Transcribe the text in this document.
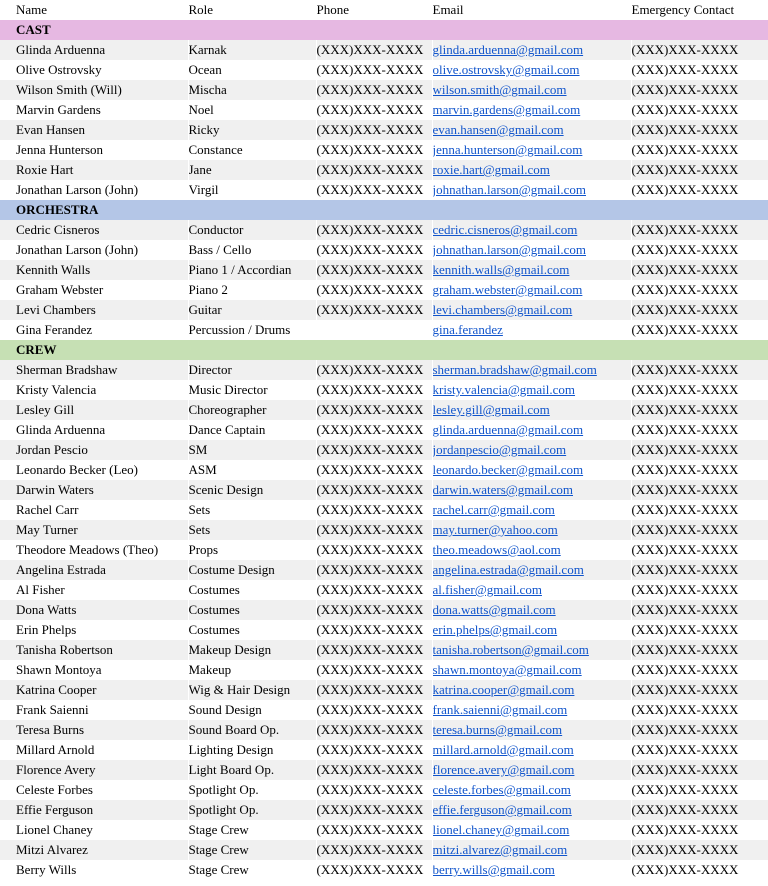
Name	Role	Phone	Email	Emergency Contact
CAST				
Glinda Arduenna	Karnak	(XXX)XXX-XXXX	glinda.arduenna@gmail.com	(XXX)XXX-XXXX
Olive Ostrovsky	Ocean	(XXX)XXX-XXXX	olive.ostrovsky@gmail.com	(XXX)XXX-XXXX
Wilson Smith (Will)	Mischa	(XXX)XXX-XXXX	wilson.smith@gmail.com	(XXX)XXX-XXXX
Marvin Gardens	Noel	(XXX)XXX-XXXX	marvin.gardens@gmail.com	(XXX)XXX-XXXX
Evan Hansen	Ricky	(XXX)XXX-XXXX	evan.hansen@gmail.com	(XXX)XXX-XXXX
Jenna Hunterson	Constance	(XXX)XXX-XXXX	jenna.hunterson@gmail.com	(XXX)XXX-XXXX
Roxie Hart	Jane	(XXX)XXX-XXXX	roxie.hart@gmail.com	(XXX)XXX-XXXX
Jonathan Larson (John)	Virgil	(XXX)XXX-XXXX	johnathan.larson@gmail.com	(XXX)XXX-XXXX
ORCHESTRA				
Cedric Cisneros	Conductor	(XXX)XXX-XXXX	cedric.cisneros@gmail.com	(XXX)XXX-XXXX
Jonathan Larson (John)	Bass / Cello	(XXX)XXX-XXXX	johnathan.larson@gmail.com	(XXX)XXX-XXXX
Kennith Walls	Piano 1 / Accordian	(XXX)XXX-XXXX	kennith.walls@gmail.com	(XXX)XXX-XXXX
Graham Webster	Piano 2	(XXX)XXX-XXXX	graham.webster@gmail.com	(XXX)XXX-XXXX
Levi Chambers	Guitar	(XXX)XXX-XXXX	levi.chambers@gmail.com	(XXX)XXX-XXXX
Gina Ferandez	Percussion / Drums		gina.ferandez	(XXX)XXX-XXXX
CREW				
Sherman Bradshaw	Director	(XXX)XXX-XXXX	sherman.bradshaw@gmail.com	(XXX)XXX-XXXX
Kristy Valencia	Music Director	(XXX)XXX-XXXX	kristy.valencia@gmail.com	(XXX)XXX-XXXX
Lesley Gill	Choreographer	(XXX)XXX-XXXX	lesley.gill@gmail.com	(XXX)XXX-XXXX
Glinda Arduenna	Dance Captain	(XXX)XXX-XXXX	glinda.arduenna@gmail.com	(XXX)XXX-XXXX
Jordan Pescio	SM	(XXX)XXX-XXXX	jordanpescio@gmail.com	(XXX)XXX-XXXX
Leonardo Becker (Leo)	ASM	(XXX)XXX-XXXX	leonardo.becker@gmail.com	(XXX)XXX-XXXX
Darwin Waters	Scenic Design	(XXX)XXX-XXXX	darwin.waters@gmail.com	(XXX)XXX-XXXX
Rachel Carr	Sets	(XXX)XXX-XXXX	rachel.carr@gmail.com	(XXX)XXX-XXXX
May Turner	Sets	(XXX)XXX-XXXX	may.turner@yahoo.com	(XXX)XXX-XXXX
Theodore Meadows (Theo)	Props	(XXX)XXX-XXXX	theo.meadows@aol.com	(XXX)XXX-XXXX
Angelina Estrada	Costume Design	(XXX)XXX-XXXX	angelina.estrada@gmail.com	(XXX)XXX-XXXX
Al Fisher	Costumes	(XXX)XXX-XXXX	al.fisher@gmail.com	(XXX)XXX-XXXX
Dona Watts	Costumes	(XXX)XXX-XXXX	dona.watts@gmail.com	(XXX)XXX-XXXX
Erin Phelps	Costumes	(XXX)XXX-XXXX	erin.phelps@gmail.com	(XXX)XXX-XXXX
Tanisha Robertson	Makeup Design	(XXX)XXX-XXXX	tanisha.robertson@gmail.com	(XXX)XXX-XXXX
Shawn Montoya	Makeup	(XXX)XXX-XXXX	shawn.montoya@gmail.com	(XXX)XXX-XXXX
Katrina Cooper	Wig & Hair Design	(XXX)XXX-XXXX	katrina.cooper@gmail.com	(XXX)XXX-XXXX
Frank Saienni	Sound Design	(XXX)XXX-XXXX	frank.saienni@gmail.com	(XXX)XXX-XXXX
Teresa Burns	Sound Board Op.	(XXX)XXX-XXXX	teresa.burns@gmail.com	(XXX)XXX-XXXX
Millard Arnold	Lighting Design	(XXX)XXX-XXXX	millard.arnold@gmail.com	(XXX)XXX-XXXX
Florence Avery	Light Board Op.	(XXX)XXX-XXXX	florence.avery@gmail.com	(XXX)XXX-XXXX
Celeste Forbes	Spotlight Op.	(XXX)XXX-XXXX	celeste.forbes@gmail.com	(XXX)XXX-XXXX
Effie Ferguson	Spotlight Op.	(XXX)XXX-XXXX	effie.ferguson@gmail.com	(XXX)XXX-XXXX
Lionel Chaney	Stage Crew	(XXX)XXX-XXXX	lionel.chaney@gmail.com	(XXX)XXX-XXXX
Mitzi Alvarez	Stage Crew	(XXX)XXX-XXXX	mitzi.alvarez@gmail.com	(XXX)XXX-XXXX
Berry Wills	Stage Crew	(XXX)XXX-XXXX	berry.wills@gmail.com	(XXX)XXX-XXXX
